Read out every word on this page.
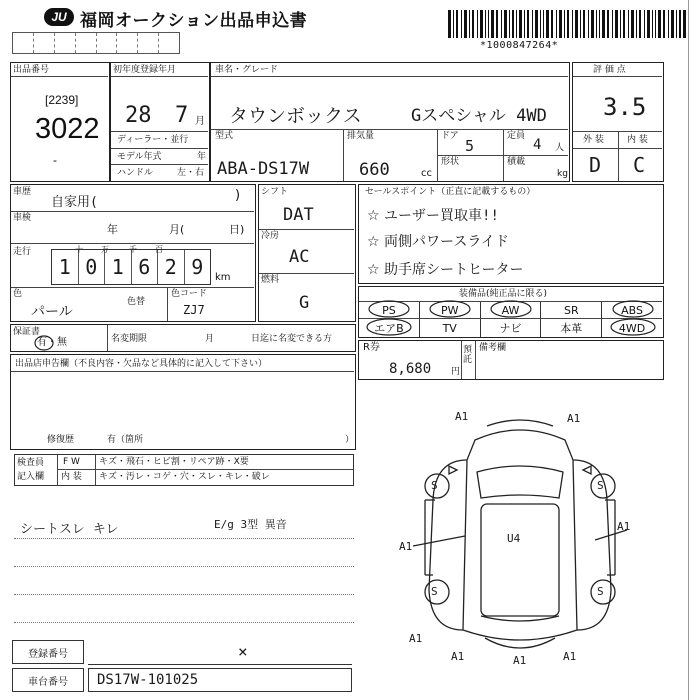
JU 福岡オークション出品申込書
*1000847264*
出品番号
[2239]
3022
-
初年度登録年月
28 7 月
ディーラー・並行
モデル年式	年
ハンドル	左・右
車名・グレード
タウンボックス	Gスペシャル 4WD
型式
ABA-DS17W
排気量
660	cc
ドア
5
形状
定員
4 人
積載
kg
評 価 点
3.5
外 装	内 装
D C
車歴
自家用(	)
車検
年	月(	日)
走行
1 0 1 6 2 9
十 万	千 百
km
色
パール
色替
色コード
ZJ7
シフト
DAT
冷房
AC
燃料
G
セールスポイント（正直に記載するもの）
☆ ユーザー買取車!!
☆ 両側パワースライド
☆ 助手席シートヒーター
装備品(純正品に限る)
PS	PW	AW	SR	ABS
エアB	TV	ナビ	本革	4WD
保証書
有・無	名変期限	月	日迄に名変できる方
R券
8,680 円
預託
備考欄
出品店申告欄（不良内容・欠品など具体的に記入して下さい）
修復歴	有（箇所	）
検査員
記入欄
F W キズ・飛石・ヒビ割・リペア跡・X要
内 装 キズ・汚レ・コゲ・穴・スレ・キレ・破レ
シートスレ キレ	E/g 3型 異音
A1	A1
S	S
A1
A1
U4
A1
S	S
A1	A1	A1
登録番号	×
車台番号	DS17W-101025
